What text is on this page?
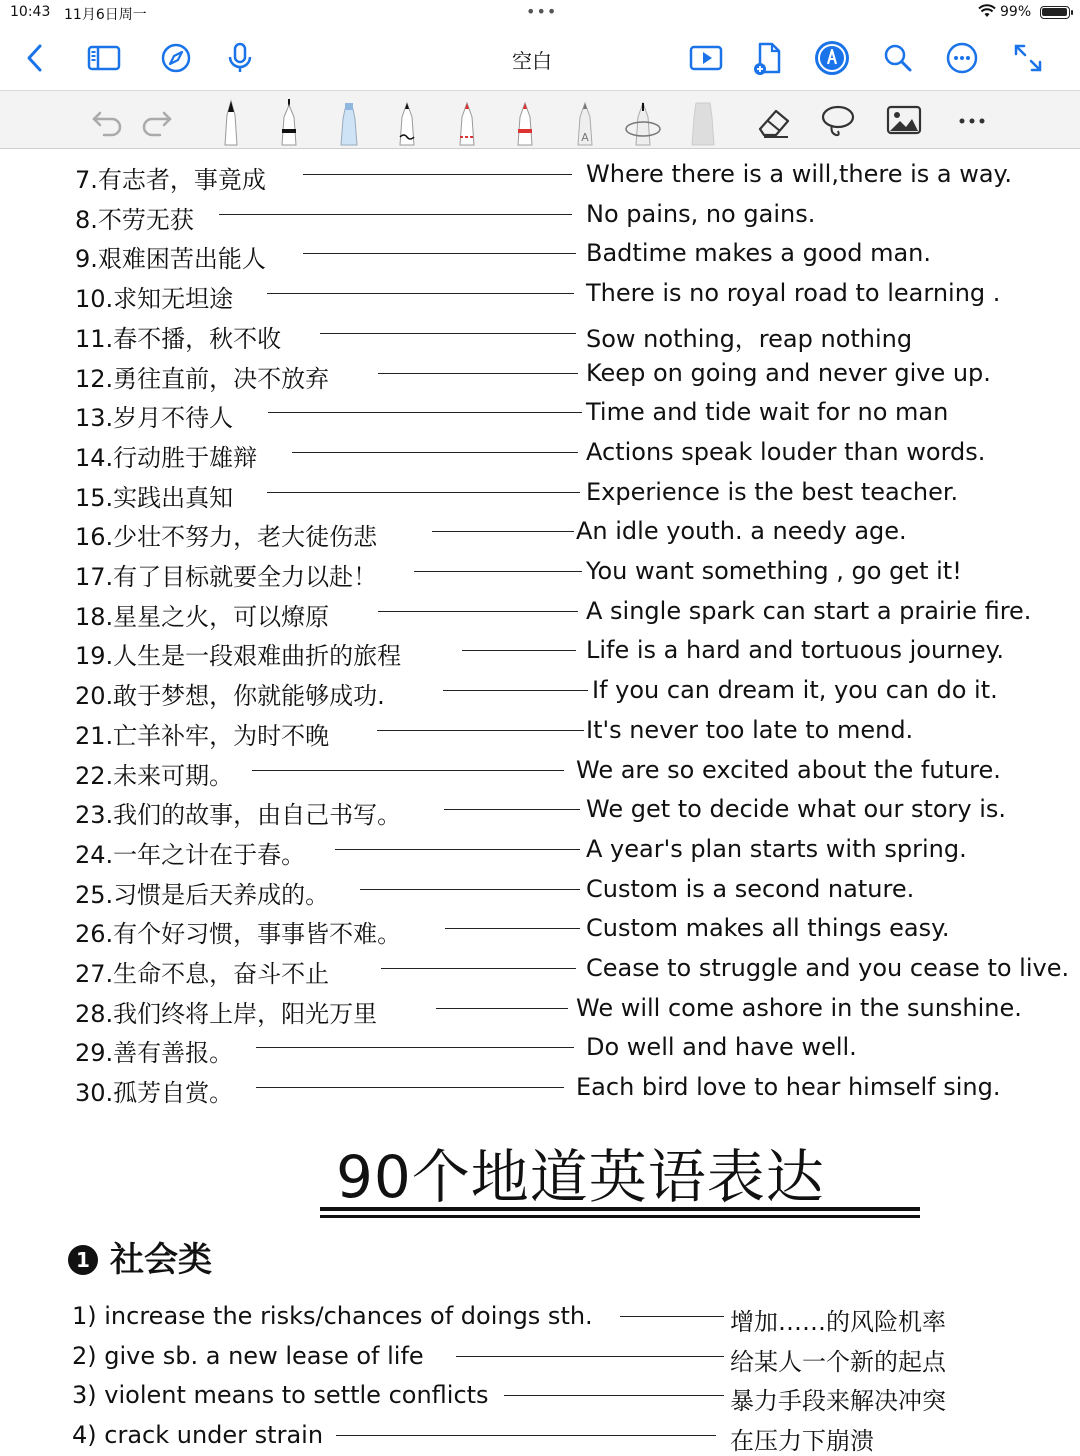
10:43 11月6日周一	•••	99%
空白
A
7.有志者，事竟成	Where there is a will,there is a way.
8.不劳无获	No pains, no gains.
9.艰难困苦出能人	Badtime makes a good man.
10.求知无坦途	There is no royal road to learning .
11.春不播，秋不收	Sow nothing，reap nothing
12.勇往直前，决不放弃	Keep on going and never give up.
13.岁月不待人	Time and tide wait for no man
14.行动胜于雄辩	Actions speak louder than words.
15.实践出真知	Experience is the best teacher.
16.少壮不努力，老大徒伤悲	An idle youth. a needy age.
17.有了目标就要全力以赴！	You want something , go get it!
18.星星之火，可以燎原	A single spark can start a prairie fire.
19.人生是一段艰难曲折的旅程	Life is a hard and tortuous journey.
20.敢于梦想，你就能够成功.	If you can dream it, you can do it.
21.亡羊补牢，为时不晚	It's never too late to mend.
22.未来可期。	We are so excited about the future.
23.我们的故事，由自己书写。	We get to decide what our story is.
24.一年之计在于春。	A year's plan starts with spring.
25.习惯是后天养成的。	Custom is a second nature.
26.有个好习惯，事事皆不难。	Custom makes all things easy.
27.生命不息，奋斗不止	Cease to struggle and you cease to live.
28.我们终将上岸，阳光万里	We will come ashore in the sunshine.
29.善有善报。	Do well and have well.
30.孤芳自赏。	Each bird love to hear himself sing.
90个地道英语表达
1 社会类
1) increase the risks/chances of doings sth.	增加……的风险机率
2) give sb. a new lease of life	给某人一个新的起点
3) violent means to settle conflicts	暴力手段来解决冲突
4) crack under strain	在压力下崩溃
